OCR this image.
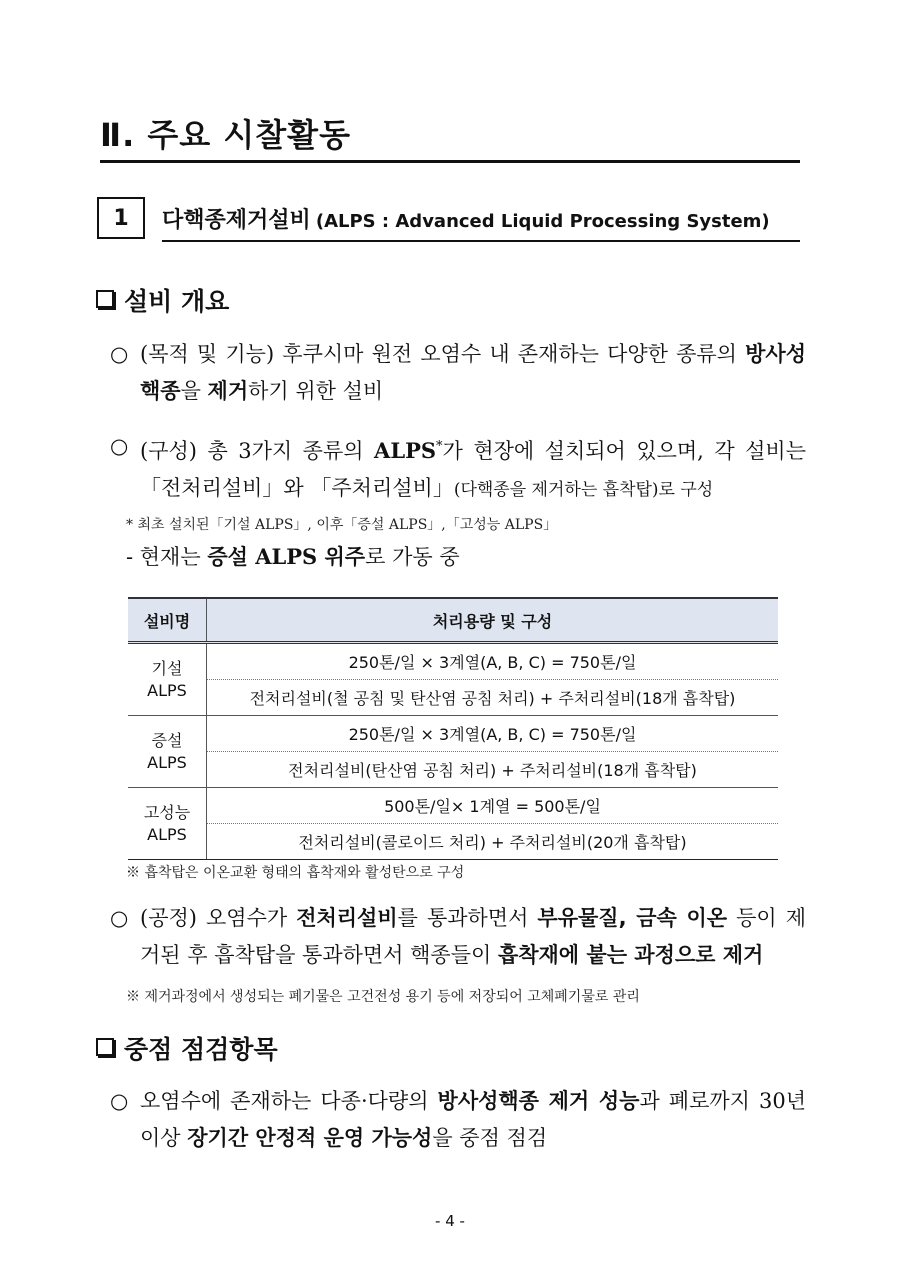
Ⅱ. 주요 시찰활동
1	다핵종제거설비 (ALPS : Advanced Liquid Processing System)
설비 개요
○ (목적 및 기능) 후쿠시마 원전 오염수 내 존재하는 다양한 종류의 방사성핵종을 제거하기 위한 설비
○ (구성) 총 3가지 종류의 ALPS*가 현장에 설치되어 있으며, 각 설비는 「전처리설비」와 「주처리설비」(다핵종을 제거하는 흡착탑)로 구성
* 최초 설치된「기설 ALPS」, 이후「증설 ALPS」,「고성능 ALPS」
- 현재는 증설 ALPS 위주로 가동 중
설비명	처리용량 및 구성
기설
ALPS	250톤/일 × 3계열(A, B, C) = 750톤/일
	전처리설비(철 공침 및 탄산염 공침 처리) + 주처리설비(18개 흡착탑)
증설
ALPS	250톤/일 × 3계열(A, B, C) = 750톤/일
	전처리설비(탄산염 공침 처리) + 주처리설비(18개 흡착탑)
고성능
ALPS	500톤/일× 1계열 = 500톤/일
	전처리설비(콜로이드 처리) + 주처리설비(20개 흡착탑)
※ 흡착탑은 이온교환 형태의 흡착재와 활성탄으로 구성
○ (공정) 오염수가 전처리설비를 통과하면서 부유물질, 금속 이온 등이 제거된 후 흡착탑을 통과하면서 핵종들이 흡착재에 붙는 과정으로 제거
※ 제거과정에서 생성되는 폐기물은 고건전성 용기 등에 저장되어 고체폐기물로 관리
중점 점검항목
○ 오염수에 존재하는 다종·다량의 방사성핵종 제거 성능과 폐로까지 30년 이상 장기간 안정적 운영 가능성을 중점 점검
- 4 -
